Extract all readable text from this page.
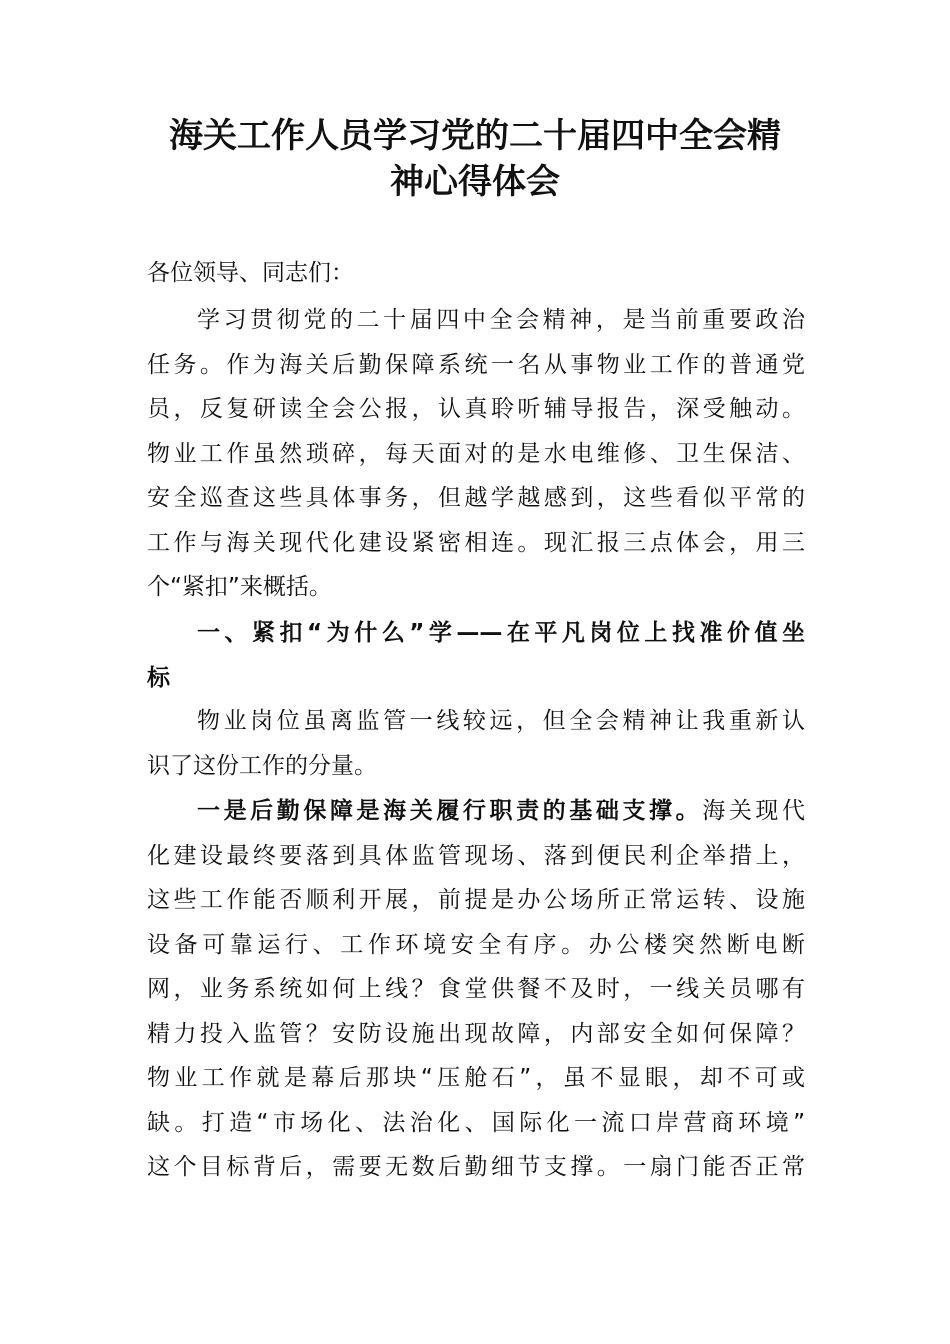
海关工作人员学习党的二十届四中全会精
神心得体会
各位领导、同志们：
学习贯彻党的二十届四中全会精神，是当前重要政治
任务。作为海关后勤保障系统一名从事物业工作的普通党
员，反复研读全会公报，认真聆听辅导报告，深受触动。
物业工作虽然琐碎，每天面对的是水电维修、卫生保洁、
安全巡查这些具体事务，但越学越感到，这些看似平常的
工作与海关现代化建设紧密相连。现汇报三点体会，用三
个“紧扣”来概括。
一、紧扣“为什么”学——在平凡岗位上找准价值坐
标
物业岗位虽离监管一线较远，但全会精神让我重新认
识了这份工作的分量。
一是后勤保障是海关履行职责的基础支撑。海关现代
化建设最终要落到具体监管现场、落到便民利企举措上，
这些工作能否顺利开展，前提是办公场所正常运转、设施
设备可靠运行、工作环境安全有序。办公楼突然断电断
网，业务系统如何上线？食堂供餐不及时，一线关员哪有
精力投入监管？安防设施出现故障，内部安全如何保障？
物业工作就是幕后那块“压舱石”，虽不显眼，却不可或
缺。打造“市场化、法治化、国际化一流口岸营商环境”
这个目标背后，需要无数后勤细节支撑。一扇门能否正常
